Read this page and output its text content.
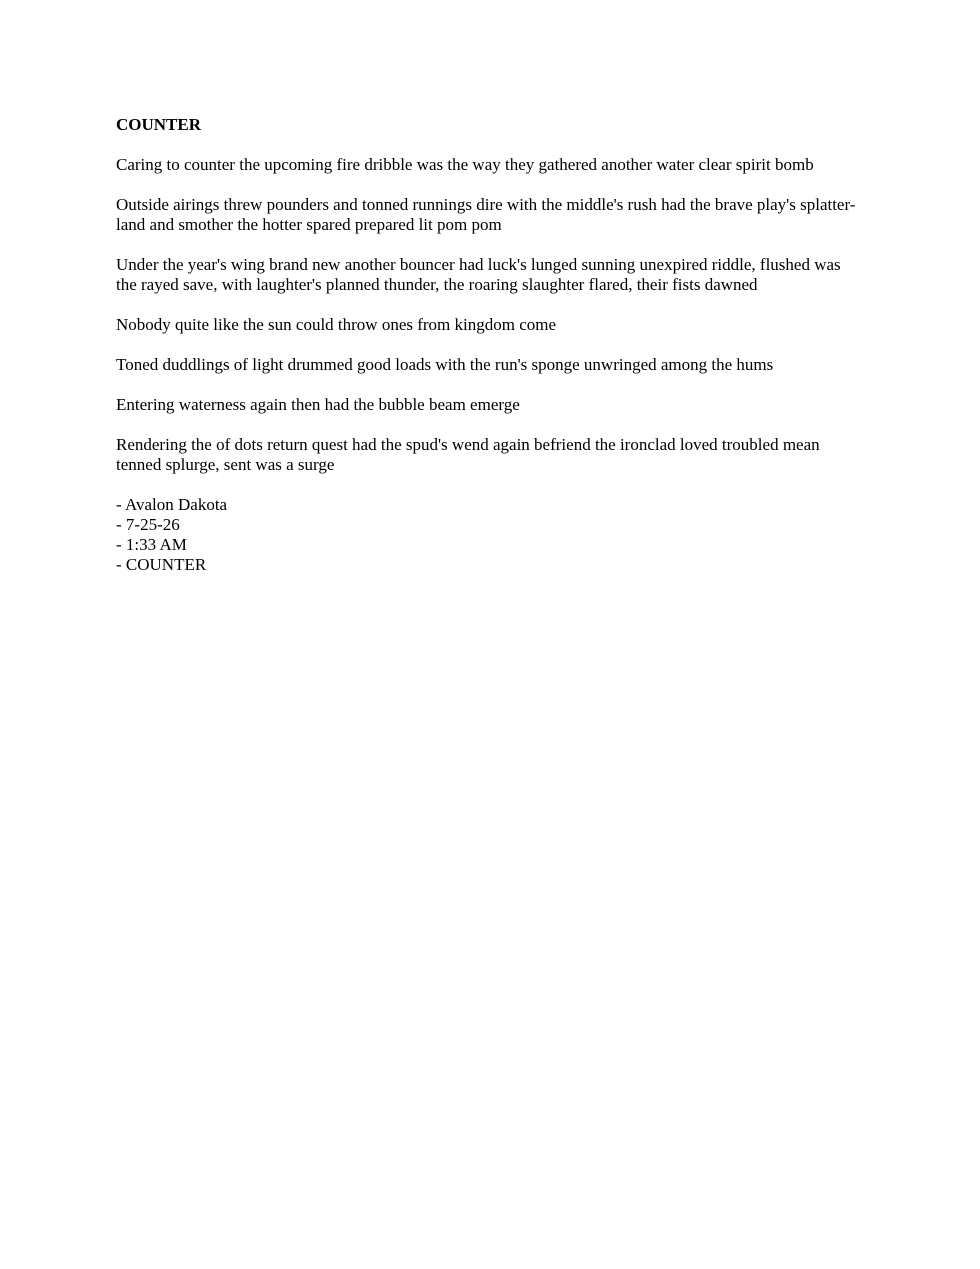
COUNTER

Caring to counter the upcoming fire dribble was the way they gathered another water clear spirit bomb

Outside airings threw pounders and tonned runnings dire with the middle's rush had the brave play's splatter-land and smother the hotter spared prepared lit pom pom

Under the year's wing brand new another bouncer had luck's lunged sunning unexpired riddle, flushed was the rayed save, with laughter's planned thunder, the roaring slaughter flared, their fists dawned

Nobody quite like the sun could throw ones from kingdom come

Toned duddlings of light drummed good loads with the run's sponge unwringed among the hums

Entering waterness again then had the bubble beam emerge

Rendering the of dots return quest had the spud's wend again befriend the ironclad loved troubled mean tenned splurge, sent was a surge

- Avalon Dakota

- 7-25-26

- 1:33 AM

- COUNTER
